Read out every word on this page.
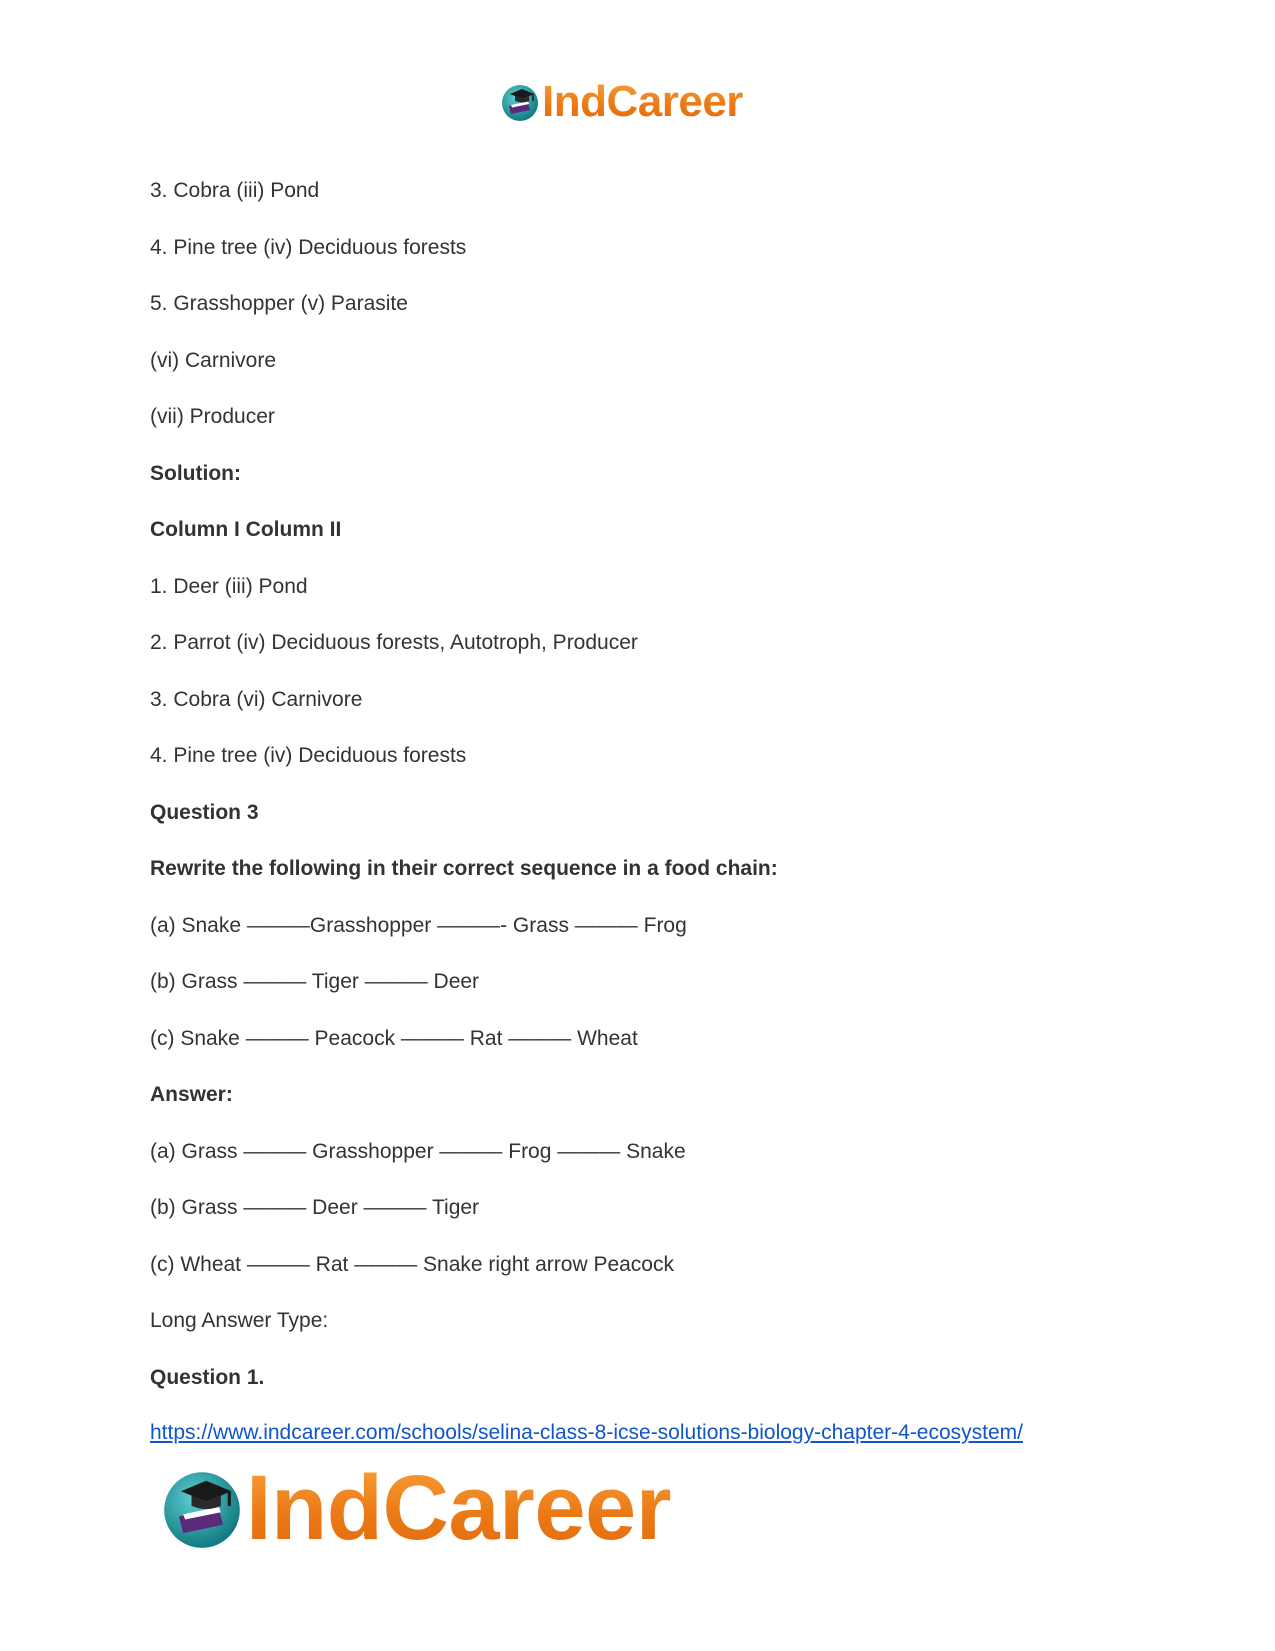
IndCareer
3. Cobra (iii) Pond
4. Pine tree (iv) Deciduous forests
5. Grasshopper (v) Parasite
(vi) Carnivore
(vii) Producer
Solution:
Column I Column II
1. Deer (iii) Pond
2. Parrot (iv) Deciduous forests, Autotroph, Producer
3. Cobra (vi) Carnivore
4. Pine tree (iv) Deciduous forests
Question 3
Rewrite the following in their correct sequence in a food chain:
(a) Snake ———Grasshopper ———- Grass ——— Frog
(b) Grass ——— Tiger ——— Deer
(c) Snake ——— Peacock ——— Rat ——— Wheat
Answer:
(a) Grass ——— Grasshopper ——— Frog ——— Snake
(b) Grass ——— Deer ——— Tiger
(c) Wheat ——— Rat ——— Snake right arrow Peacock
Long Answer Type:
Question 1.
https://www.indcareer.com/schools/selina-class-8-icse-solutions-biology-chapter-4-ecosystem/
IndCareer
